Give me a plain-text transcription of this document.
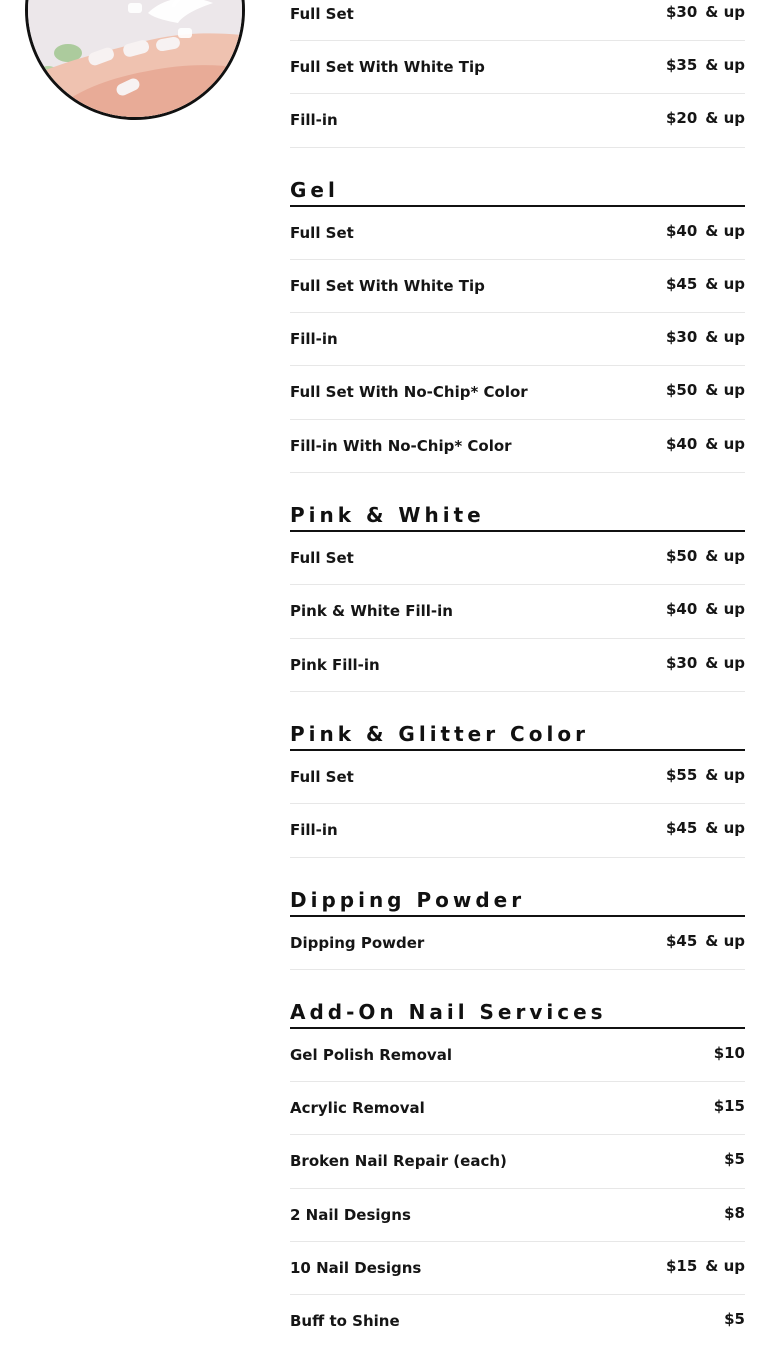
Full Set	$30 & up
Full Set With White Tip	$35 & up
Fill-in	$20 & up
Gel
Full Set	$40 & up
Full Set With White Tip	$45 & up
Fill-in	$30 & up
Full Set With No-Chip* Color	$50 & up
Fill-in With No-Chip* Color	$40 & up
Pink & White
Full Set	$50 & up
Pink & White Fill-in	$40 & up
Pink Fill-in	$30 & up
Pink & Glitter Color
Full Set	$55 & up
Fill-in	$45 & up
Dipping Powder
Dipping Powder	$45 & up
Add-On Nail Services
Gel Polish Removal	$10
Acrylic Removal	$15
Broken Nail Repair (each)	$5
2 Nail Designs	$8
10 Nail Designs	$15 & up
Buff to Shine	$5
